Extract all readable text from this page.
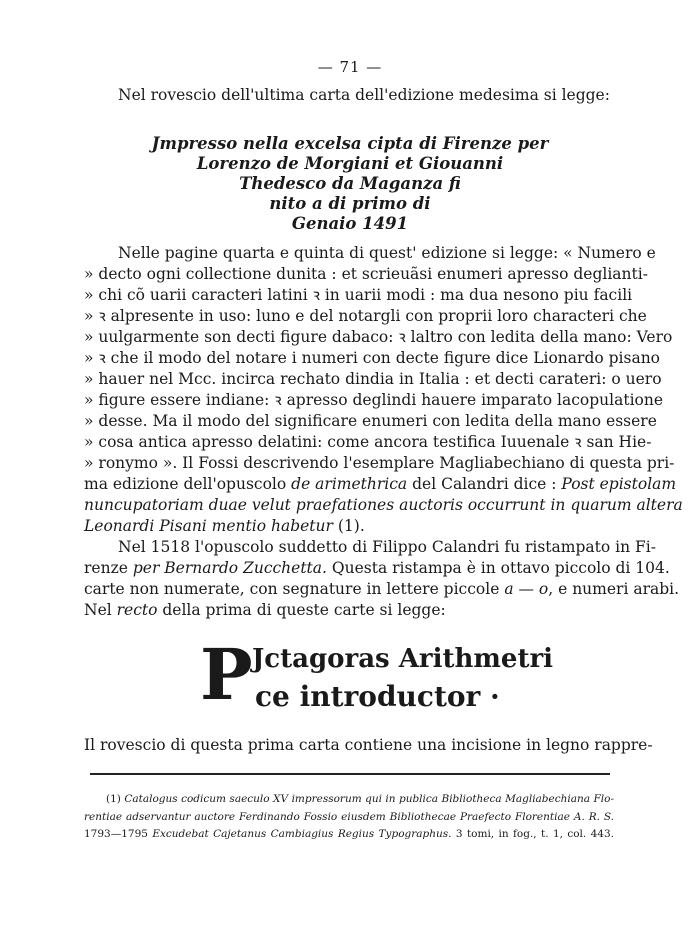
— 71 —
Nel rovescio dell'ultima carta dell'edizione medesima si legge:
Jmpresso nella excelsa cipta di Firenze per
Lorenzo de Morgiani et Giouanni
Thedesco da Maganza fi
nito a di primo di
Genaio 1491
Nelle pagine quarta e quinta di quest' edizione si legge: « Numero e
» decto ogni collectione dunita : et scrieuãsi enumeri apresso deglianti-
» chi cõ uarii caracteri latini ꝛ in uarii modi : ma dua nesono piu facili
» ꝛ alpresente in uso: luno e del notargli con proprii loro characteri che
» uulgarmente son decti figure dabaco: ꝛ laltro con ledita della mano: Vero
» ꝛ che il modo del notare i numeri con decte figure dice Lionardo pisano
» hauer nel Mcc. incirca rechato dindia in Italia : et decti carateri: o uero
» figure essere indiane: ꝛ apresso deglindi hauere imparato lacopulatione
» desse. Ma il modo del significare enumeri con ledita della mano essere
» cosa antica apresso delatini: come ancora testifica Iuuenale ꝛ san Hie-
» ronymo ». Il Fossi descrivendo l'esemplare Magliabechiano di questa pri-
ma edizione dell'opuscolo de arimethrica del Calandri dice : Post epistolam
nuncupatoriam duae velut praefationes auctoris occurrunt in quarum altera
Leonardi Pisani mentio habetur (1).
Nel 1518 l'opuscolo suddetto di Filippo Calandri fu ristampato in Fi-
renze per Bernardo Zucchetta. Questa ristampa è in ottavo piccolo di 104.
carte non numerate, con segnature in lettere piccole a — o, e numeri arabi.
Nel recto della prima di queste carte si legge:
P Jctagoras Arithmetri
ce introductor ·
Il rovescio di questa prima carta contiene una incisione in legno rappre-
(1) Catalogus codicum saeculo XV impressorum qui in publica Bibliotheca Magliabechiana Flo-
rentiae adservantur auctore Ferdinando Fossio eiusdem Bibliothecae Praefecto Florentiae A. R. S.
1793—1795 Excudebat Cajetanus Cambiagius Regius Typographus. 3 tomi, in fog., t. 1, col. 443.
